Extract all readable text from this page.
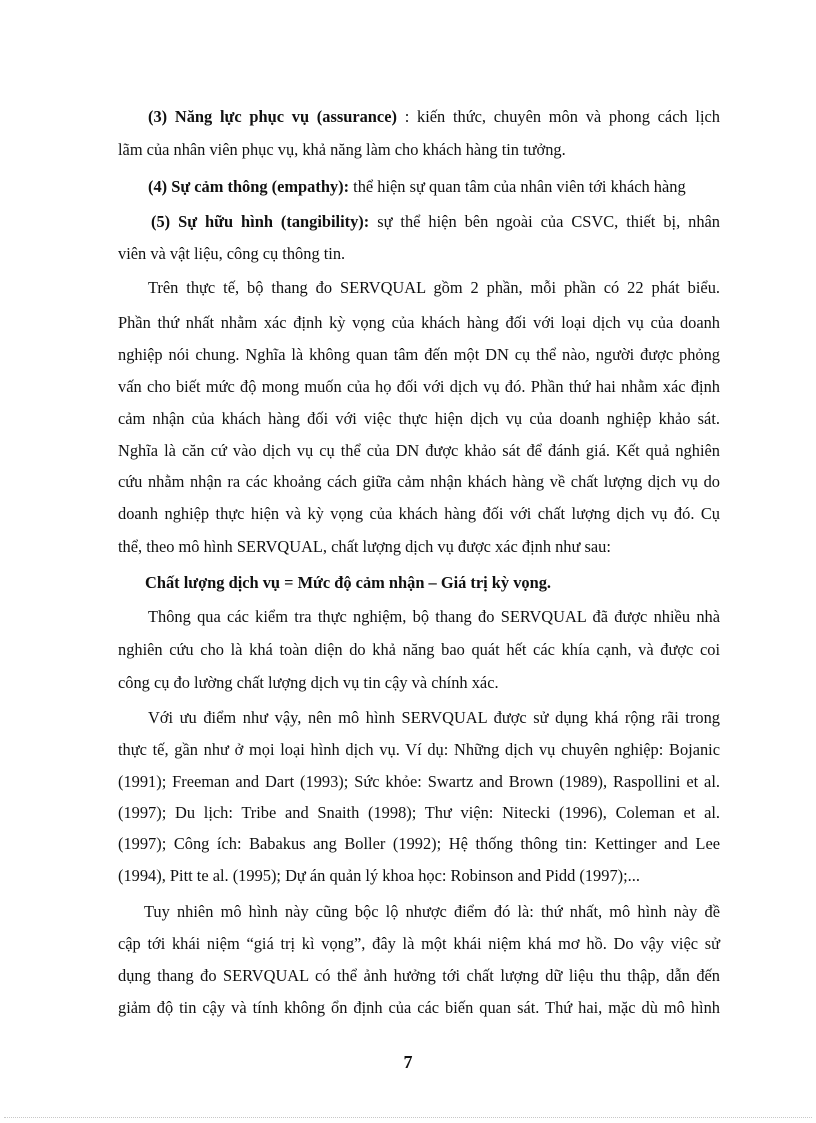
(3) Năng lực phục vụ (assurance) : kiến thức, chuyên môn và phong cách lịch
lãm của nhân viên phục vụ, khả năng làm cho khách hàng tin tưởng.
(4) Sự cảm thông (empathy): thể hiện sự quan tâm của nhân viên tới khách hàng
(5) Sự hữu hình (tangibility): sự thể hiện bên ngoài của CSVC, thiết bị, nhân
viên và vật liệu, công cụ thông tin.
Trên thực tế, bộ thang đo SERVQUAL gồm 2 phần, mỗi phần có 22 phát biểu.
Phần thứ nhất nhằm xác định kỳ vọng của khách hàng đối với loại dịch vụ của doanh
nghiệp nói chung. Nghĩa là không quan tâm đến một DN cụ thể nào, người được phỏng
vấn cho biết mức độ mong muốn của họ đối với dịch vụ đó. Phần thứ hai nhằm xác định
cảm nhận của khách hàng đối với việc thực hiện dịch vụ của doanh nghiệp khảo sát.
Nghĩa là căn cứ vào dịch vụ cụ thể của DN được khảo sát để đánh giá. Kết quả nghiên
cứu nhằm nhận ra các khoảng cách giữa cảm nhận khách hàng về chất lượng dịch vụ do
doanh nghiệp thực hiện và kỳ vọng của khách hàng đối với chất lượng dịch vụ đó. Cụ
thể, theo mô hình SERVQUAL, chất lượng dịch vụ được xác định như sau:
Chất lượng dịch vụ = Mức độ cảm nhận – Giá trị kỳ vọng.
Thông qua các kiểm tra thực nghiệm, bộ thang đo SERVQUAL đã được nhiều nhà
nghiên cứu cho là khá toàn diện do khả năng bao quát hết các khía cạnh, và được coi
công cụ đo lường chất lượng dịch vụ tin cậy và chính xác.
Với ưu điểm như vậy, nên mô hình SERVQUAL được sử dụng khá rộng rãi trong
thực tế, gần như ở mọi loại hình dịch vụ. Ví dụ: Những dịch vụ chuyên nghiệp: Bojanic
(1991); Freeman and Dart (1993); Sức khỏe: Swartz and Brown (1989), Raspollini et al.
(1997); Du lịch: Tribe and Snaith (1998); Thư viện: Nitecki (1996), Coleman et al.
(1997); Công ích: Babakus ang Boller (1992); Hệ thống thông tin: Kettinger and Lee
(1994), Pitt te al. (1995); Dự án quản lý khoa học: Robinson and Pidd (1997);...
Tuy nhiên mô hình này cũng bộc lộ nhược điểm đó là: thứ nhất, mô hình này đề
cập tới khái niệm “giá trị kì vọng”, đây là một khái niệm khá mơ hồ. Do vậy việc sử
dụng thang đo SERVQUAL có thể ảnh hưởng tới chất lượng dữ liệu thu thập, dẫn đến
giảm độ tin cậy và tính không ổn định của các biến quan sát. Thứ hai, mặc dù mô hình
7
